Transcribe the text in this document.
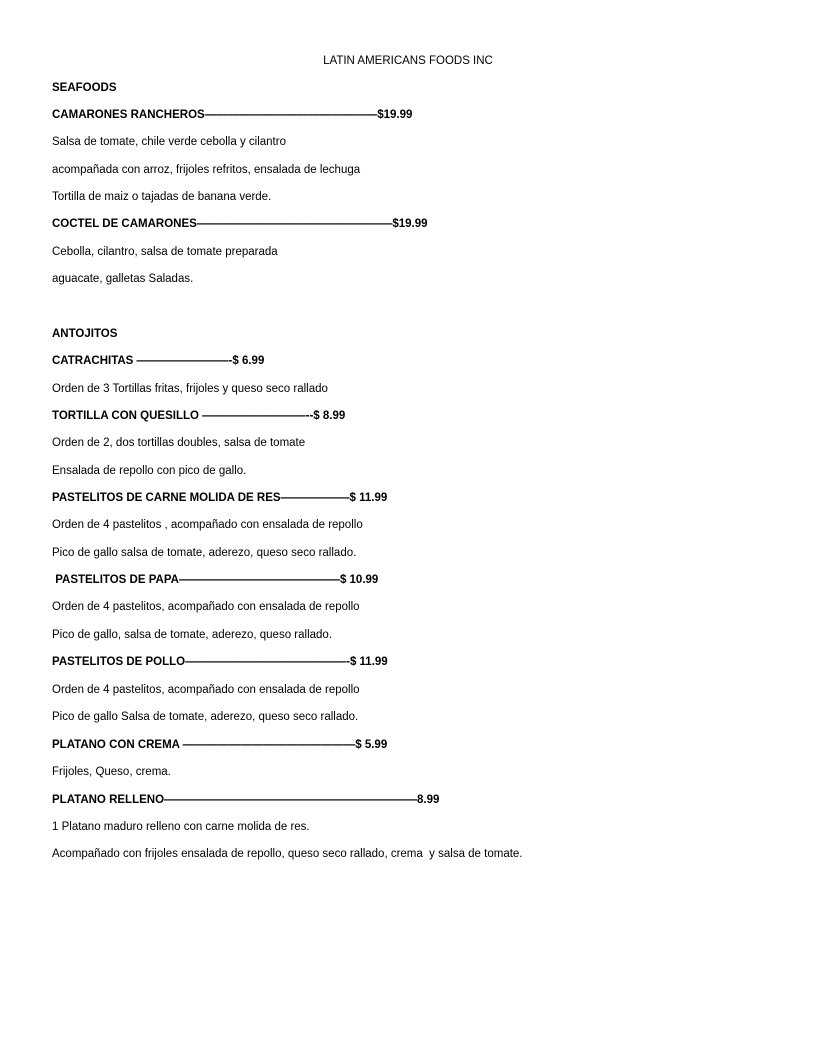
LATIN AMERICANS FOODS INC
SEAFOODS
CAMARONES RANCHEROS———————————————$19.99
Salsa de tomate, chile verde cebolla y cilantro
acompañada con arroz, frijoles refritos, ensalada de lechuga
Tortilla de maiz o tajadas de banana verde.
COCTEL DE CAMARONES—————————————————$19.99
Cebolla, cilantro, salsa de tomate preparada
aguacate, galletas Saladas.
ANTOJITOS
CATRACHITAS ————————-$ 6.99
Orden de 3 Tortillas fritas, frijoles y queso seco rallado
TORTILLA CON QUESILLO —————————--$ 8.99
Orden de 2, dos tortillas doubles, salsa de tomate
Ensalada de repollo con pico de gallo.
PASTELITOS DE CARNE MOLIDA DE RES——————$ 11.99
Orden de 4 pastelitos , acompañado con ensalada de repollo
Pico de gallo salsa de tomate, aderezo, queso seco rallado.
PASTELITOS DE PAPA——————————————$ 10.99
Orden de 4 pastelitos, acompañado con ensalada de repollo
Pico de gallo, salsa de tomate, aderezo, queso rallado.
PASTELITOS DE POLLO——————————————-$ 11.99
Orden de 4 pastelitos, acompañado con ensalada de repollo
Pico de gallo Salsa de tomate, aderezo, queso seco rallado.
PLATANO CON CREMA ———————————————$ 5.99
Frijoles, Queso, crema.
PLATANO RELLENO——————————————————————8.99
1 Platano maduro relleno con carne molida de res.
Acompañado con frijoles ensalada de repollo, queso seco rallado, crema  y salsa de tomate.
